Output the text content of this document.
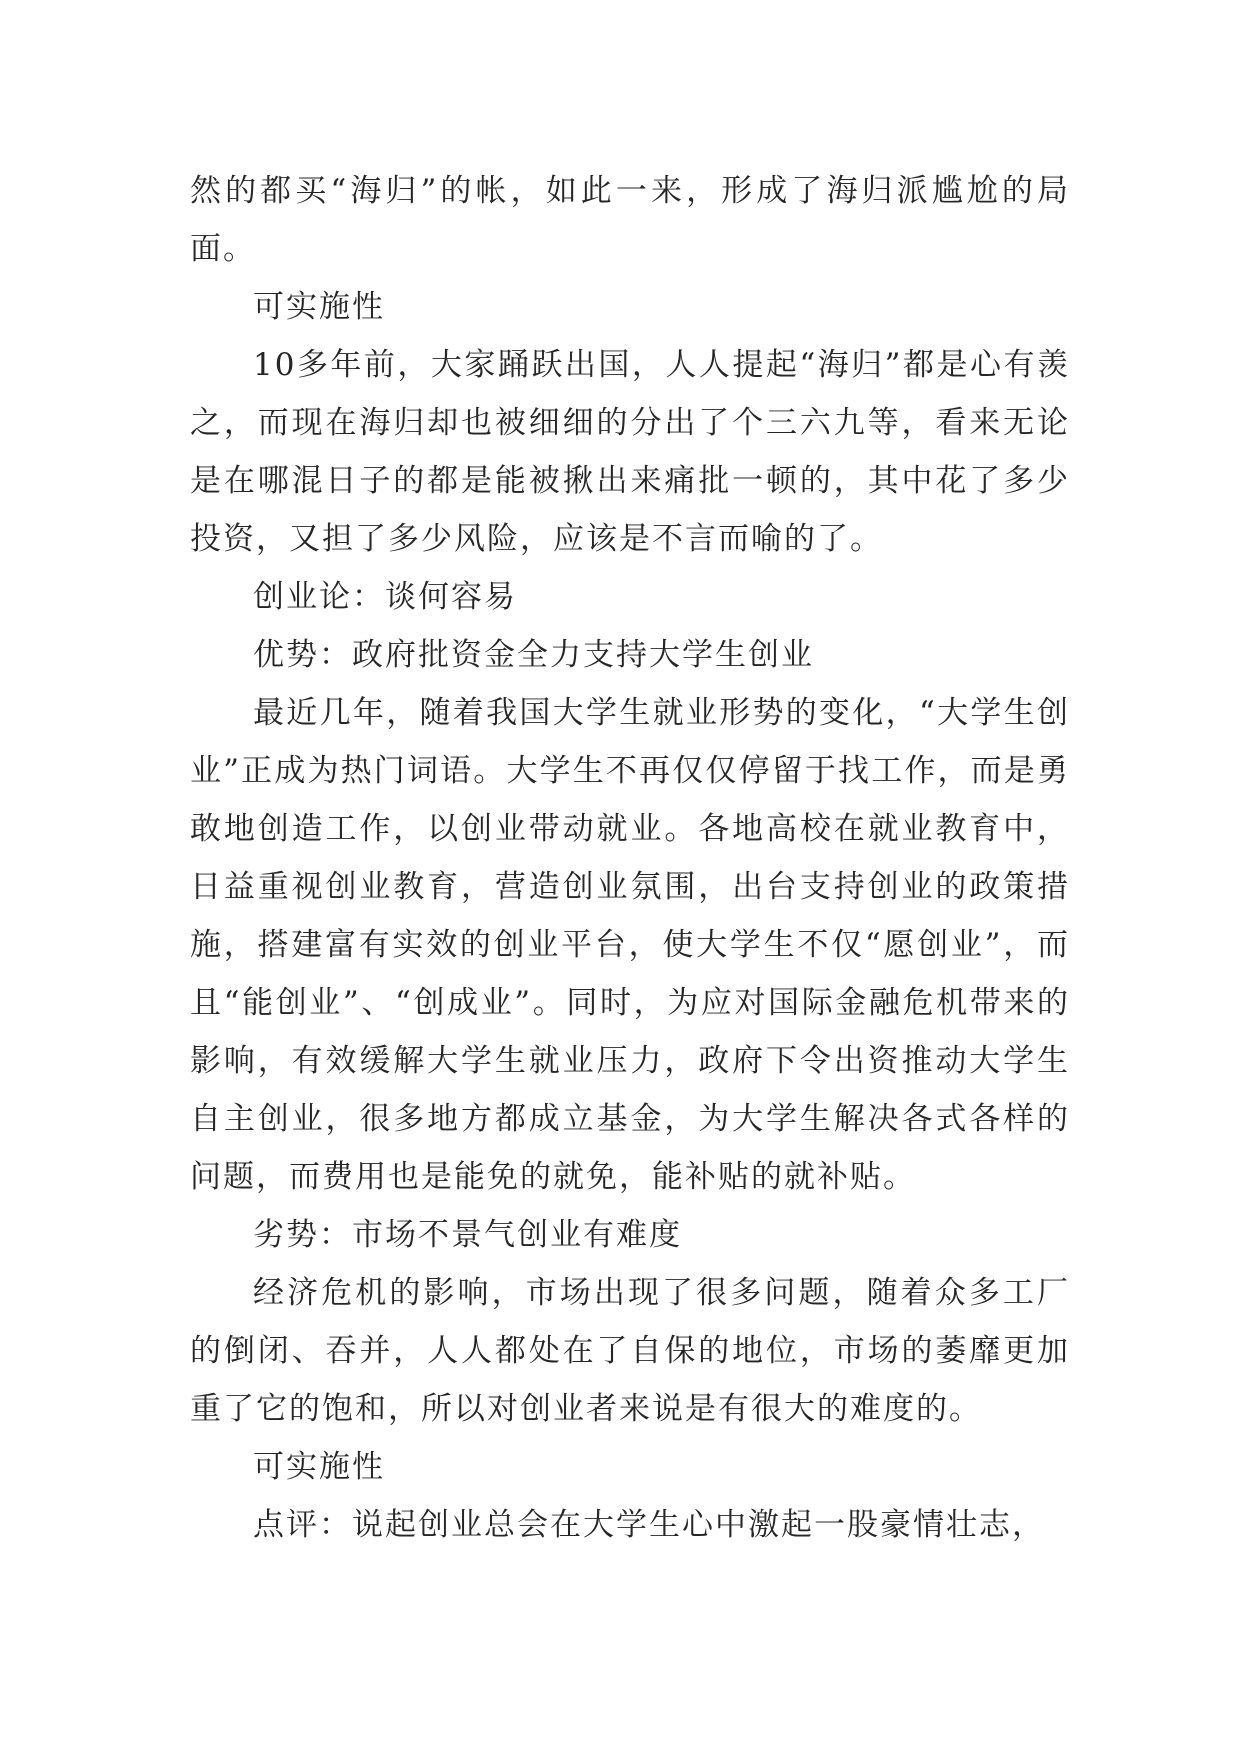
然的都买“海归”的帐，如此一来，形成了海归派尴尬的局面。

可实施性

10多年前，大家踊跃出国，人人提起“海归”都是心有羡之，而现在海归却也被细细的分出了个三六九等，看来无论是在哪混日子的都是能被揪出来痛批一顿的，其中花了多少投资，又担了多少风险，应该是不言而喻的了。

创业论：谈何容易

优势：政府批资金全力支持大学生创业

最近几年，随着我国大学生就业形势的变化，“大学生创业”正成为热门词语。大学生不再仅仅停留于找工作，而是勇敢地创造工作，以创业带动就业。各地高校在就业教育中，日益重视创业教育，营造创业氛围，出台支持创业的政策措施，搭建富有实效的创业平台，使大学生不仅“愿创业”，而且“能创业”、“创成业”。同时，为应对国际金融危机带来的影响，有效缓解大学生就业压力，政府下令出资推动大学生自主创业，很多地方都成立基金，为大学生解决各式各样的问题，而费用也是能免的就免，能补贴的就补贴。

劣势：市场不景气创业有难度

经济危机的影响，市场出现了很多问题，随着众多工厂的倒闭、吞并，人人都处在了自保的地位，市场的萎靡更加重了它的饱和，所以对创业者来说是有很大的难度的。

可实施性

点评：说起创业总会在大学生心中激起一股豪情壮志，
